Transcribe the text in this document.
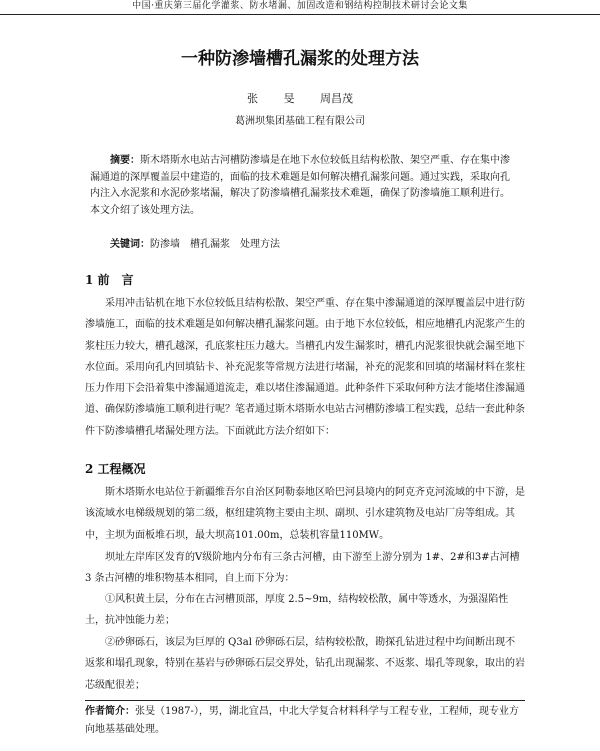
中国·重庆第三届化学灌浆、防水堵漏、加固改造和钢结构控制技术研讨会论文集
一种防渗墙槽孔漏浆的处理方法
张 旻 周昌茂
葛洲坝集团基础工程有限公司
摘要：斯木塔斯水电站古河槽防渗墙是在地下水位较低且结构松散、架空严重、存在集中渗漏通道的深厚覆盖层中建造的，面临的技术难题是如何解决槽孔漏浆问题。通过实践，采取向孔内注入水泥浆和水泥砂浆堵漏，解决了防渗墙槽孔漏浆技术难题，确保了防渗墙施工顺利进行。本文介绍了该处理方法。
关键词：防渗墙　槽孔漏浆　处理方法
1 前　言

采用冲击钻机在地下水位较低且结构松散、架空严重、存在集中渗漏通道的深厚覆盖层中进行防渗墙施工，面临的技术难题是如何解决槽孔漏浆问题。由于地下水位较低，相应地槽孔内泥浆产生的浆柱压力较大，槽孔越深，孔底浆柱压力越大。当槽孔内发生漏浆时，槽孔内泥浆很快就会漏至地下水位面。采用向孔内回填钻卡、补充泥浆等常规方法进行堵漏，补充的泥浆和回填的堵漏材料在浆柱压力作用下会沿着集中渗漏通道流走，难以堵住渗漏通道。此种条件下采取何种方法才能堵住渗漏通道、确保防渗墙施工顺利进行呢？笔者通过斯木塔斯水电站古河槽防渗墙工程实践，总结一套此种条件下防渗墙槽孔堵漏处理方法。下面就此方法介绍如下：

2 工程概况

斯木塔斯水电站位于新疆维吾尔自治区阿勒泰地区哈巴河县境内的阿克齐克河流域的中下游，是该流域水电梯级规划的第二级，枢纽建筑物主要由主坝、副坝、引水建筑物及电站厂房等组成。其中，主坝为面板堆石坝，最大坝高101.00m，总装机容量110MW。

坝址左岸库区发育的Ⅴ级阶地内分布有三条古河槽，由下游至上游分别为 1#、2#和3#古河槽 3 条古河槽的堆积物基本相同，自上而下分为：

①风积黄土层，分布在古河槽顶部，厚度 2.5~9m，结构较松散，属中等透水，为强湿陷性土，抗冲蚀能力差；

②砂卵砾石，该层为巨厚的 Q3al 砂卵砾石层，结构较松散，勘探孔钻进过程中均间断出现不返浆和塌孔现象，特别在基岩与砂卵砾石层交界处，钻孔出现漏浆、不返浆、塌孔等现象，取出的岩芯级配很差；

作者简介：张旻（1987-），男，湖北宜昌，中北大学复合材料科学与工程专业，工程师，现专业方向地基基础处理。
